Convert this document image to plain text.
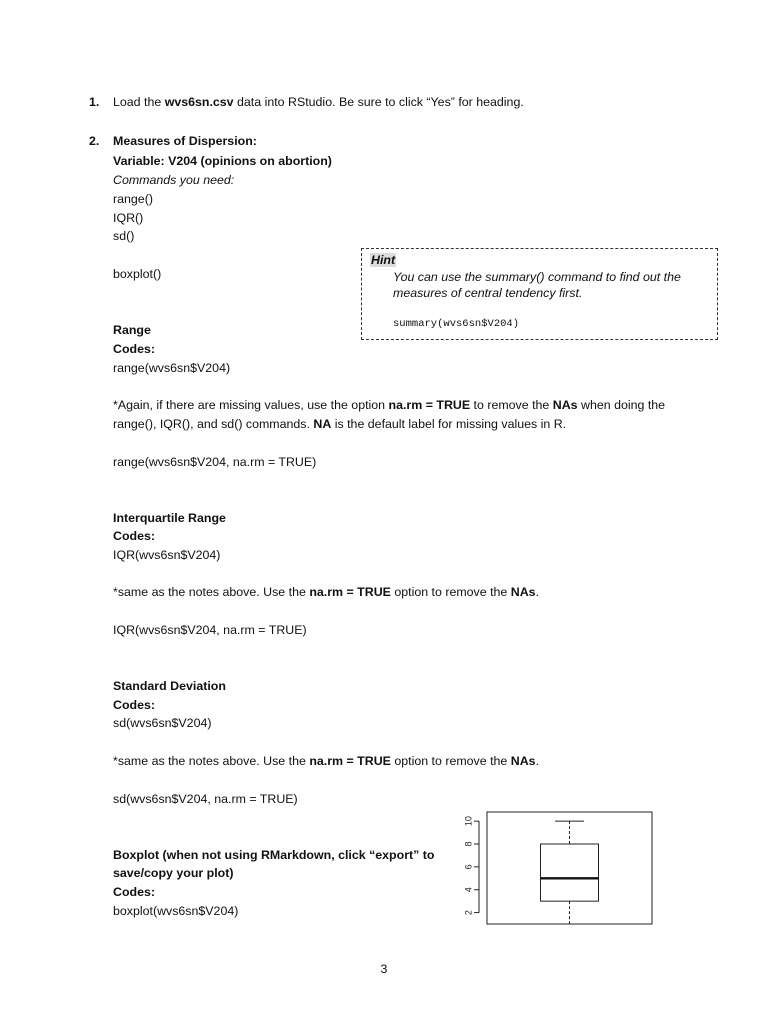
1. Load the wvs6sn.csv data into RStudio. Be sure to click “Yes” for heading.
2. Measures of Dispersion:
Variable: V204 (opinions on abortion)
Commands you need:
range()
IQR()
sd()
boxplot()
Hint
You can use the summary() command to find out the
measures of central tendency first.
summary(wvs6sn$V204)
Range
Codes:
range(wvs6sn$V204)
*Again, if there are missing values, use the option na.rm = TRUE to remove the NAs when doing the
range(), IQR(), and sd() commands. NA is the default label for missing values in R.
range(wvs6sn$V204, na.rm = TRUE)
Interquartile Range
Codes:
IQR(wvs6sn$V204)
*same as the notes above. Use the na.rm = TRUE option to remove the NAs.
IQR(wvs6sn$V204, na.rm = TRUE)
Standard Deviation
Codes:
sd(wvs6sn$V204)
*same as the notes above. Use the na.rm = TRUE option to remove the NAs.
sd(wvs6sn$V204, na.rm = TRUE)
Boxplot (when not using RMarkdown, click “export” to
save/copy your plot)
Codes:
boxplot(wvs6sn$V204)	2
4
6
8
10
3
